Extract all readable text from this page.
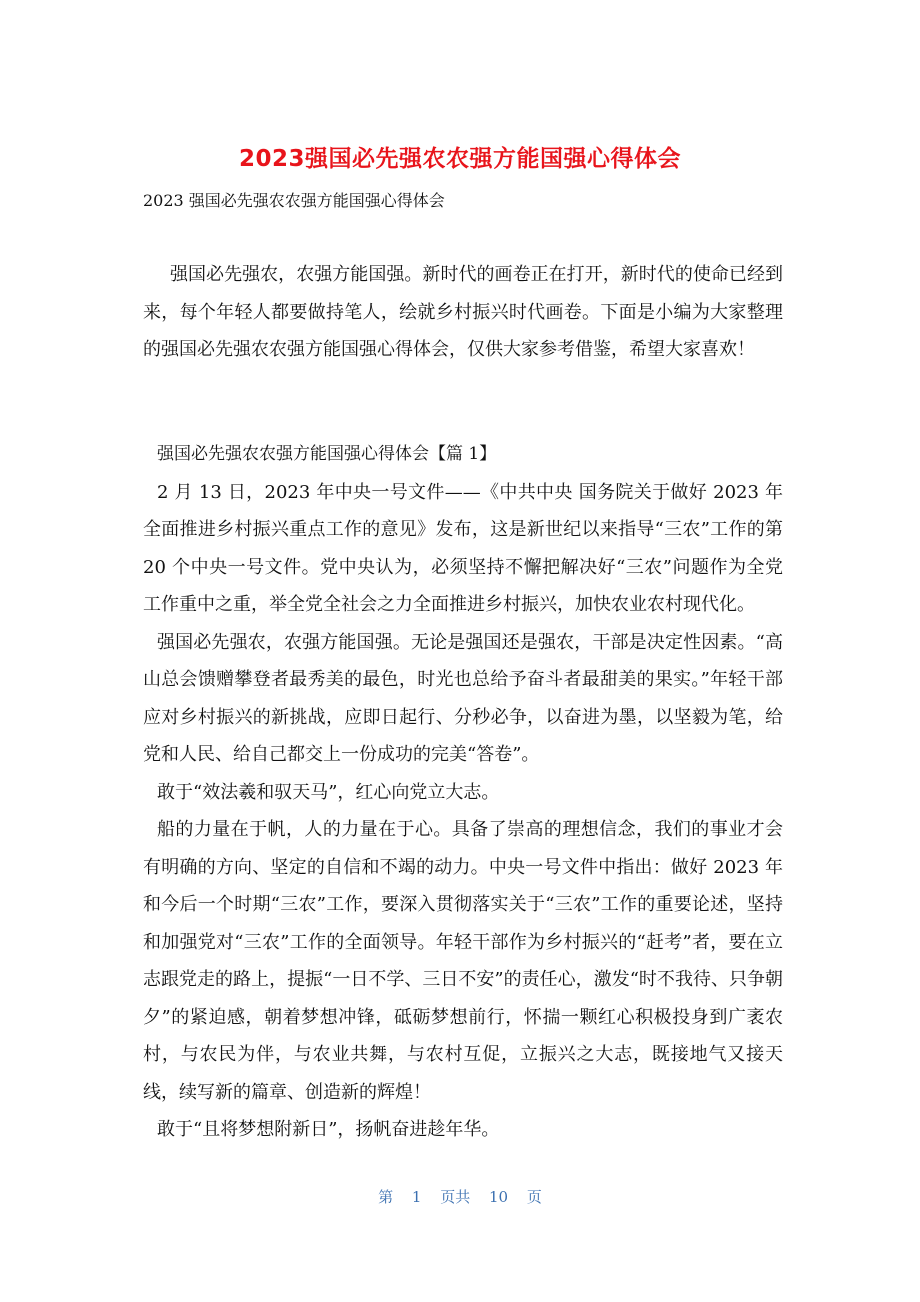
2023强国必先强农农强方能国强心得体会
2023 强国必先强农农强方能国强心得体会

强国必先强农，农强方能国强。新时代的画卷正在打开，新时代的使命已经到来，每个年轻人都要做持笔人，绘就乡村振兴时代画卷。下面是小编为大家整理的强国必先强农农强方能国强心得体会，仅供大家参考借鉴，希望大家喜欢！

强国必先强农农强方能国强心得体会【篇 1】

2 月 13 日，2023 年中央一号文件——《中共中央 国务院关于做好 2023 年全面推进乡村振兴重点工作的意见》发布，这是新世纪以来指导“三农”工作的第 20 个中央一号文件。党中央认为，必须坚持不懈把解决好“三农”问题作为全党工作重中之重，举全党全社会之力全面推进乡村振兴，加快农业农村现代化。

强国必先强农，农强方能国强。无论是强国还是强农，干部是决定性因素。“高山总会馈赠攀登者最秀美的最色，时光也总给予奋斗者最甜美的果实。”年轻干部应对乡村振兴的新挑战，应即日起行、分秒必争，以奋进为墨，以坚毅为笔，给党和人民、给自己都交上一份成功的完美“答卷”。

敢于“效法羲和驭天马”，红心向党立大志。

船的力量在于帆，人的力量在于心。具备了崇高的理想信念，我们的事业才会有明确的方向、坚定的自信和不竭的动力。中央一号文件中指出：做好 2023 年和今后一个时期“三农”工作，要深入贯彻落实关于“三农”工作的重要论述，坚持和加强党对“三农”工作的全面领导。年轻干部作为乡村振兴的“赶考”者，要在立志跟党走的路上，提振“一日不学、三日不安”的责任心，激发“时不我待、只争朝夕”的紧迫感，朝着梦想冲锋，砥砺梦想前行，怀揣一颗红心积极投身到广袤农村，与农民为伴，与农业共舞，与农村互促，立振兴之大志，既接地气又接天线，续写新的篇章、创造新的辉煌！

敢于“且将梦想附新日”，扬帆奋进趁年华。

第 1 页共 10 页
